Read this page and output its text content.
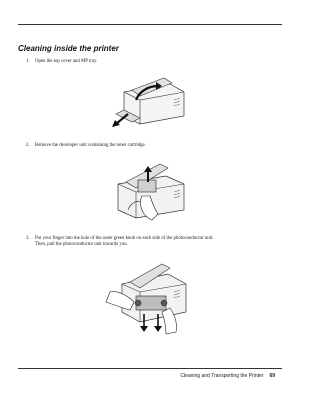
Cleaning inside the printer
1. Open the top cover and MP tray.
2. Remove the developer unit containing the toner cartridge.
3. Put your finger into the hole of the outer green knob on each side of the photoconductor unit.
Then, pull the photoconductor unit towards you.
Cleaning and Transporting the Printer 69
